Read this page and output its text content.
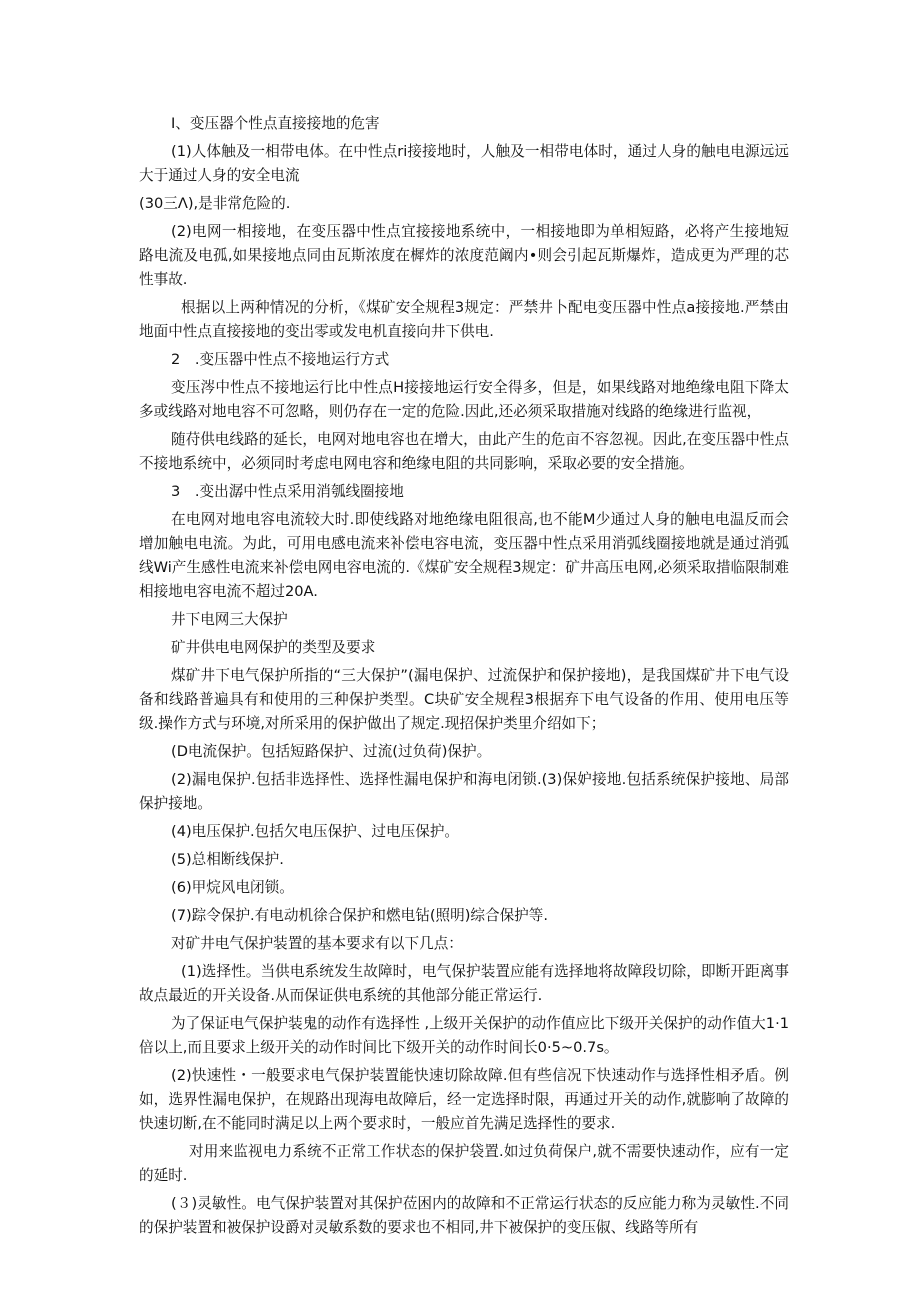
I、变压器个性点直接接地的危害

(1)人体触及一相带电体。在中性点ri接接地时，人触及一相带电体时，通过人身的触电电源远远大于通过人身的安全电流

(30三Λ),是非常危险的.

(2)电网一相接地，在变压器中性点宜接接地系统中，一相接地即为单相短路，必将产生接地短路电流及电孤,如果接地点同由瓦斯浓度在樨炸的浓度范阚内•则会引起瓦斯爆炸，造成更为严理的芯性事故.

根据以上两种情况的分析，《煤矿安全规程3规定：严禁井卜配电变压器中性点a接接地.严禁由地面中性点直接接地的变岀零或发电机直接向井下供电.

2　.变压器中性点不接地运行方式

变压涔中性点不接地运行比中性点H接接地运行安全得多，但是，如果线路对地绝缘电阻下降太多或线路对地电容不可忽略，则仍存在一定的危险.因此,还必须采取措施对线路的绝缘进行监视，

随苻供电线路的延长，电网对地电容也在增大，由此产生的危亩不容忽视。因此,在变压器中性点不接地系统中，必须同时考虑电网电容和绝缘电阻的共同影响，采取必要的安全措施。

3　.变出潺中性点采用消瓠线圈接地

在电网对地电容电流较大时.即使线路对地绝缘电阻很高,也不能M少通过人身的触电电温反而会增加触电电流。为此，可用电感电流来补偿电容电流，变压器中性点采用消弧线圈接地就是通过消弧线Wi产生感性电流来补偿电网电容电流的.《煤矿安全规程3规定：矿井高压电网,必须采取措临限制难相接地电容电流不超过20A.

井下电网三大保护

矿井供电电网保护的类型及要求

煤矿井下电气保护所指的“三大保护”(漏电保护、过流保护和保护接地)，是我国煤矿井下电气设备和线路普遍具有和使用的三种保护类型。C块矿安全规程3根据弃下电气设备的作用、使用电压等级.操作方式与环境,对所采用的保护做出了规定.现招保护类里介绍如下；

(D电流保护。包括短路保护、过流(过负荷)保护。

(2)漏电保护.包括非选择性、选择性漏电保护和海电闭锁.(3)保妒接地.包括系统保护接地、局部保护接地。

(4)电压保护.包括欠电压保护、过电压保护。

(5)总相断线保护.

(6)甲烷风电闭锁。

(7)踪令保护.有电动机徐合保护和燃电钻(照明)综合保护等.

对矿井电气保护装置的基本要求有以下几点：

(1)选择性。当供电系统发生故障时，电气保护装置应能有选择地将故障段切除，即断开距离事故点最近的开关设备.从而保证供电系统的其他部分能正常运行.

为了保证电气保护装鬼的动作有选择性 ,上级开关保护的动作值应比下级开关保护的动作值大1·1倍以上,而且要求上级开关的动作时间比下级开关的动作时间长0·5~0.7s。

(2)快速性・一般要求电气保护装置能快速切除故障.但有些信况下快速动作与选择性相矛盾。例如，选界性漏电保护，在规路出现海电故障后，经一定选择时限，再通过开关的动作,就膨响了故障的快速切断,在不能同时满足以上两个要求时，一般应首先满足选择性的要求.

对用来监视电力系统不正常工作状态的保护袋置.如过负荷保户,就不需要快速动作，应有一定的延时.

(３)灵敏性。电气保护装置对其保护莅困内的故障和不正常运行状态的反应能力称为灵敏性.不同的保护装置和被保护设爵对灵敏系数的要求也不相同,井下被保护的变压俶、线路等所有
